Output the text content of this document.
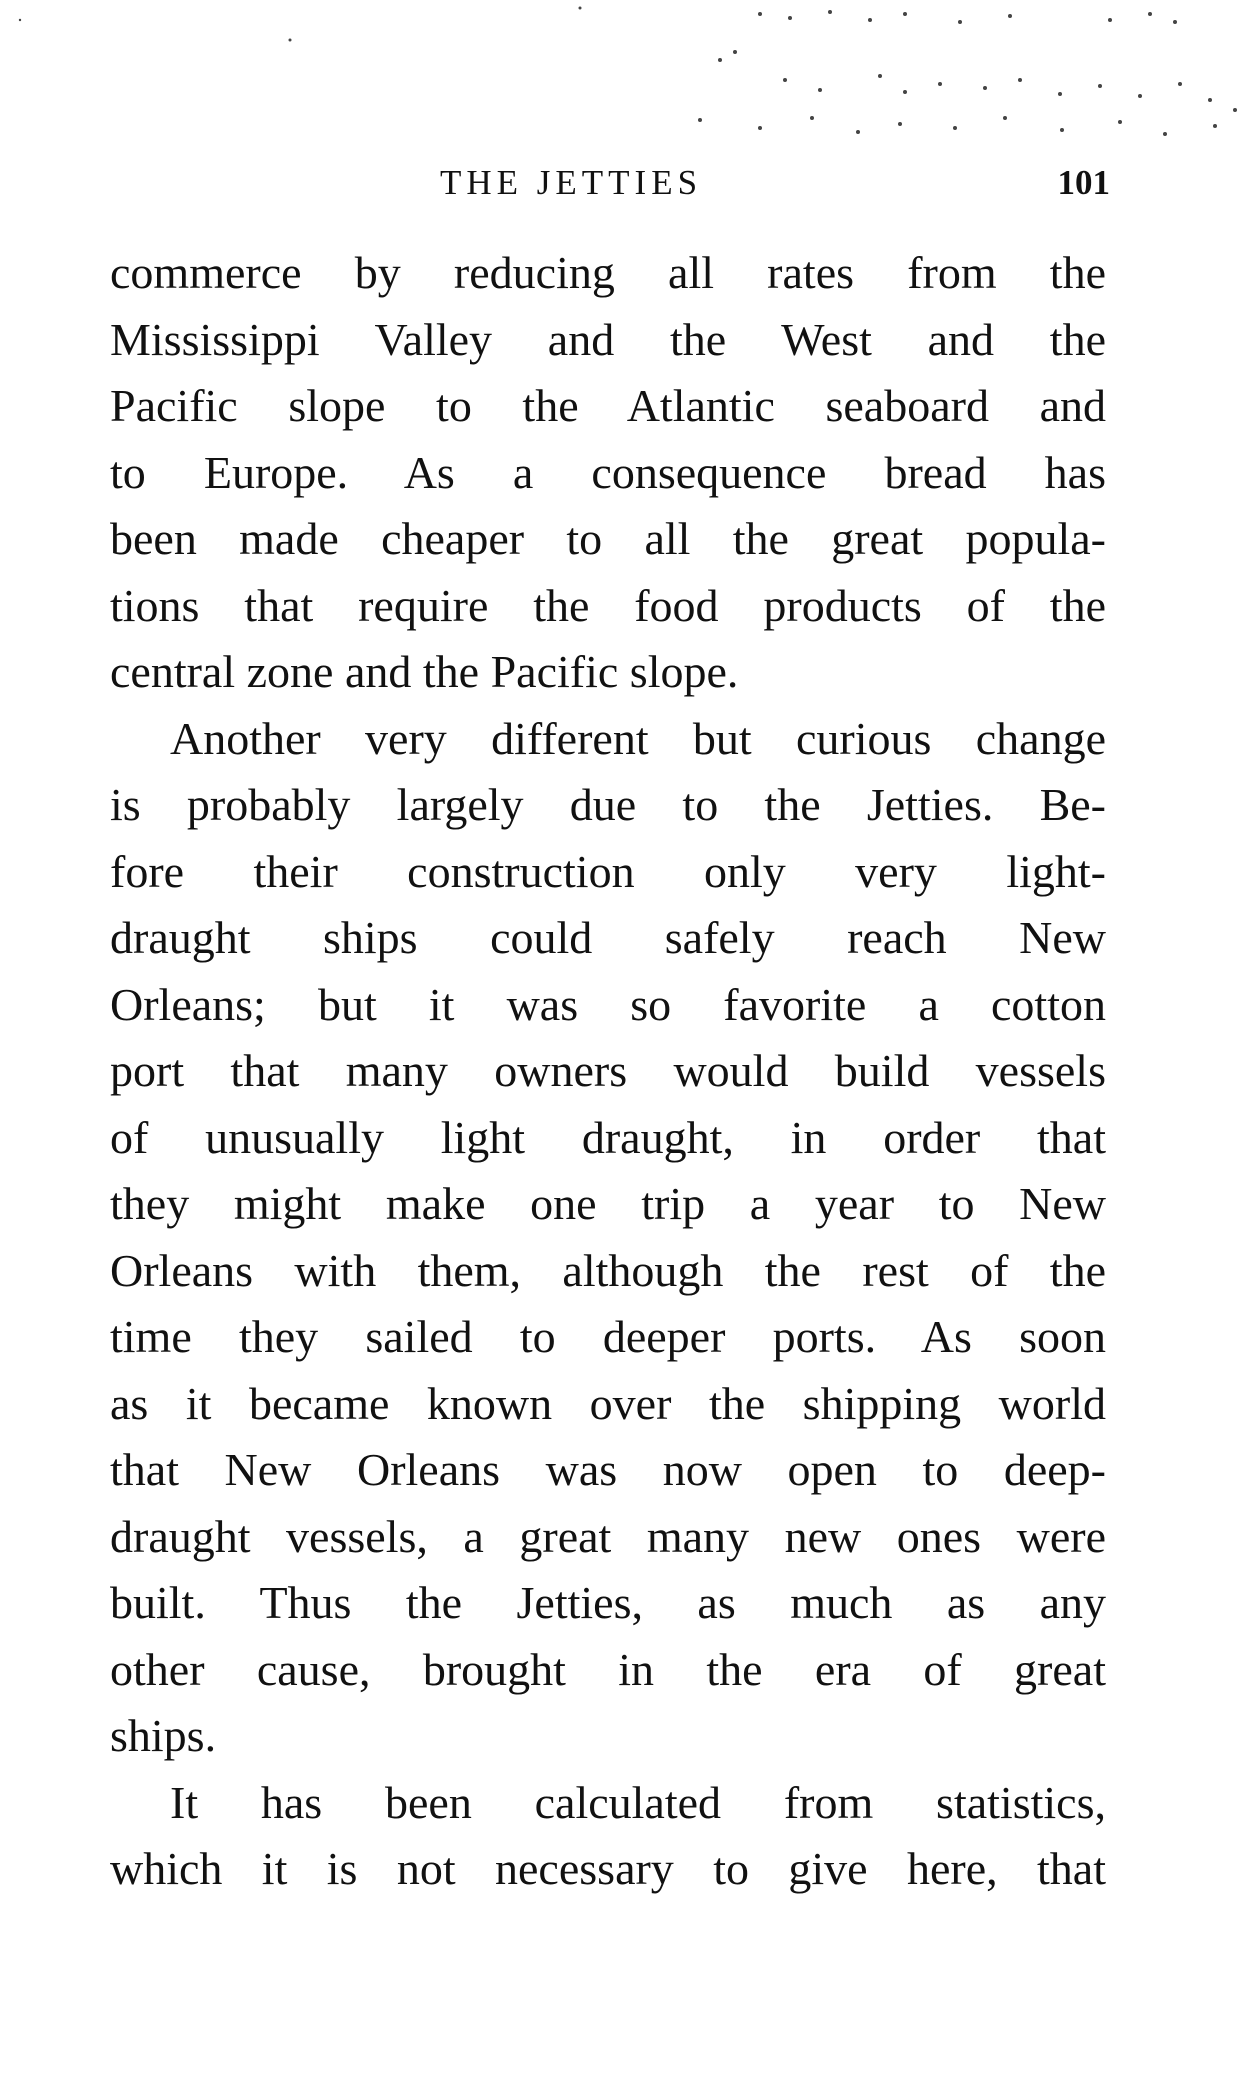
THE JETTIES	101
commerce by reducing all rates from the
Mississippi Valley and the West and the
Pacific slope to the Atlantic seaboard and
to Europe. As a consequence bread has
been made cheaper to all the great popula-
tions that require the food products of the
central zone and the Pacific slope.
Another very different but curious change
is probably largely due to the Jetties. Be-
fore their construction only very light-
draught ships could safely reach New
Orleans; but it was so favorite a cotton
port that many owners would build vessels
of unusually light draught, in order that
they might make one trip a year to New
Orleans with them, although the rest of the
time they sailed to deeper ports. As soon
as it became known over the shipping world
that New Orleans was now open to deep-
draught vessels, a great many new ones were
built. Thus the Jetties, as much as any
other cause, brought in the era of great
ships.
It has been calculated from statistics,
which it is not necessary to give here, that
